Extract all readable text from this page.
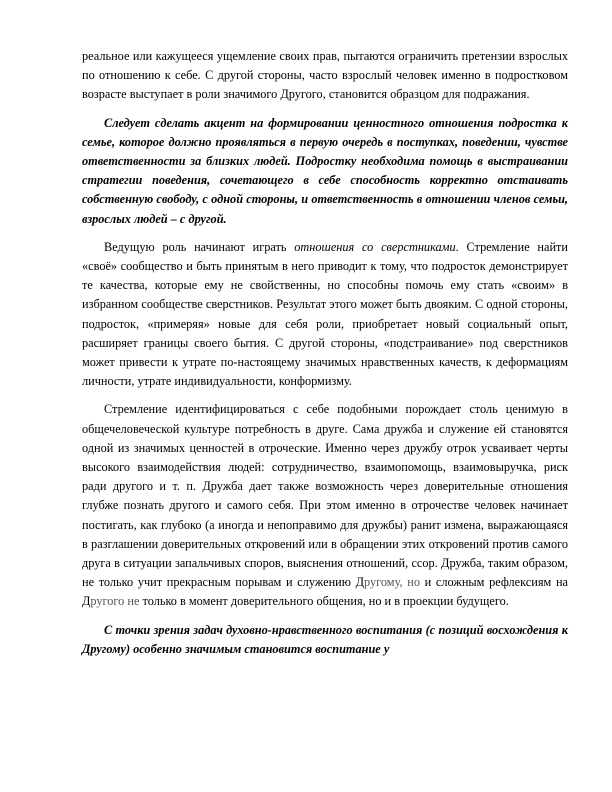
реальное или кажущееся ущемление своих прав, пытаются ограничить претензии взрослых по отношению к себе. С другой стороны, часто взрослый человек именно в подростковом возрасте выступает в роли значимого Другого, становится образцом для подражания.

Следует сделать акцент на формировании ценностного отношения подростка к семье, которое должно проявляться в первую очередь в поступках, поведении, чувстве ответственности за близких людей. Подростку необходима помощь в выстраивании стратегии поведения, сочетающего в себе способность корректно отстаивать собственную свободу, с одной стороны, и ответственность в отношении членов семьи, взрослых людей – с другой.

Ведущую роль начинают играть отношения со сверстниками. Стремление найти «своё» сообщество и быть принятым в него приводит к тому, что подросток демонстрирует те качества, которые ему не свойственны, но способны помочь ему стать «своим» в избранном сообществе сверстников. Результат этого может быть двояким. С одной стороны, подросток, «примеряя» новые для себя роли, приобретает новый социальный опыт, расширяет границы своего бытия. С другой стороны, «подстраивание» под сверстников может привести к утрате по-настоящему значимых нравственных качеств, к деформациям личности, утрате индивидуальности, конформизму.

Стремление идентифицироваться с себе подобными порождает столь ценимую в общечеловеческой культуре потребность в друге. Сама дружба и служение ей становятся одной из значимых ценностей в отроческие. Именно через дружбу отрок усваивает черты высокого взаимодействия людей: сотрудничество, взаимопомощь, взаимовыручка, риск ради другого и т. п. Дружба дает также возможность через доверительные отношения глубже познать другого и самого себя. При этом именно в отрочестве человек начинает постигать, как глубоко (а иногда и непоправимо для дружбы) ранит измена, выражающаяся в разглашении доверительных откровений или в обращении этих откровений против самого друга в ситуации запальчивых споров, выяснения отношений, ссор. Дружба, таким образом, не только учит прекрасным порывам и служению Другому, но и сложным рефлексиям на Другого не только в момент доверительного общения, но и в проекции будущего.

С точки зрения задач духовно-нравственного воспитания (с позиций восхождения к Другому) особенно значимым становится воспитание у
